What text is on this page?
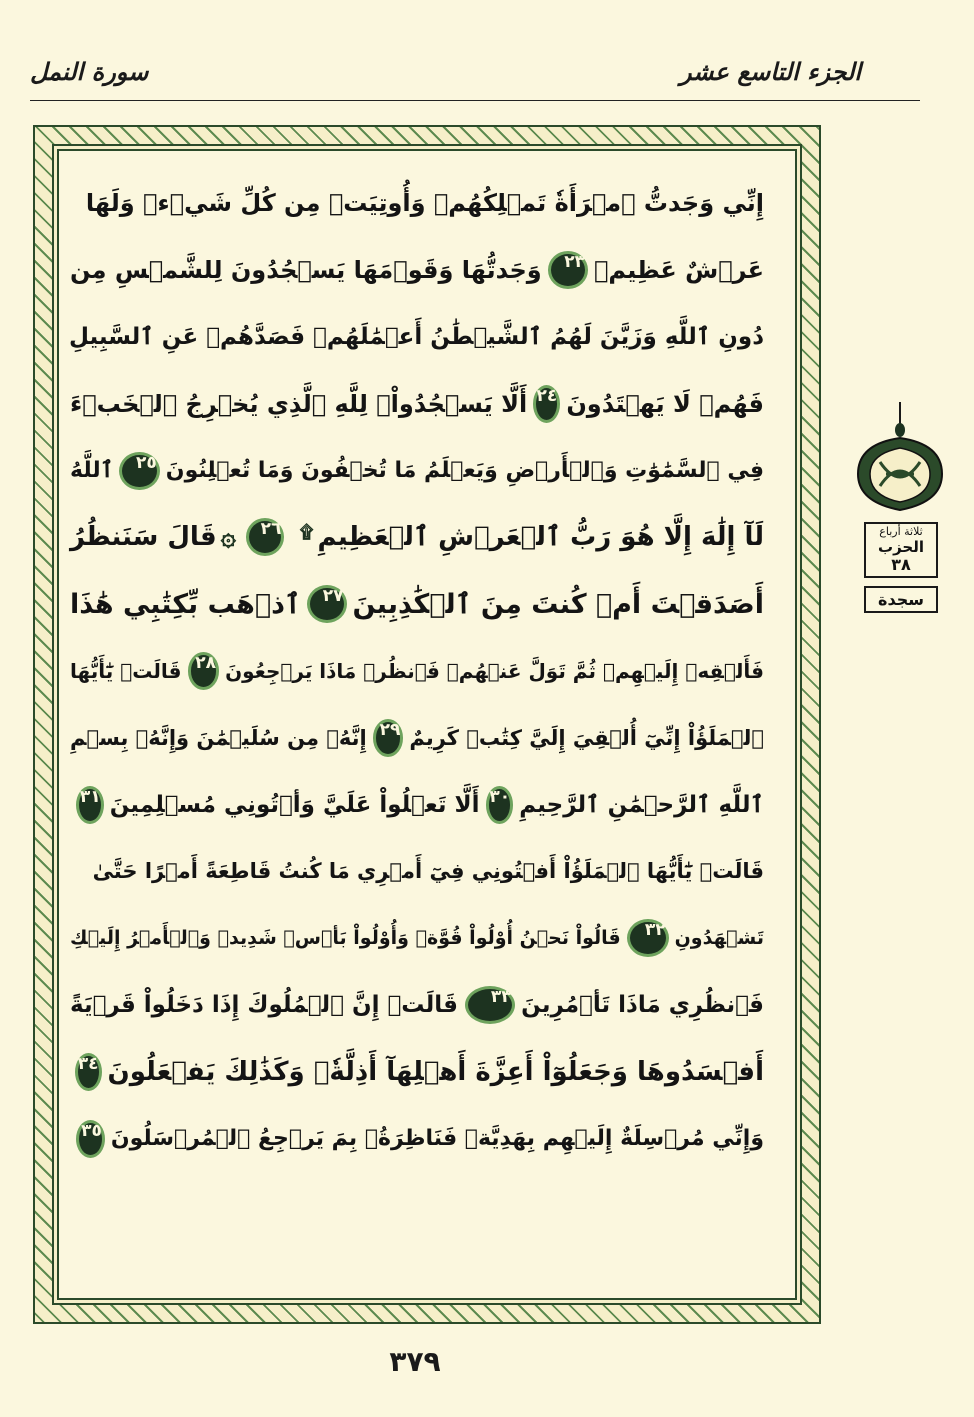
الجزء التاسع عشر
سورة النمل
إِنِّي وَجَدتُّ ٱمۡرَأَةٗ تَمۡلِكُهُمۡ وَأُوتِيَتۡ مِن كُلِّ شَيۡءٖ وَلَهَا
عَرۡشٌ عَظِيمٞ
٢٣
وَجَدتُّهَا وَقَوۡمَهَا يَسۡجُدُونَ لِلشَّمۡسِ مِن
دُونِ ٱللَّهِ وَزَيَّنَ لَهُمُ ٱلشَّيۡطَٰنُ أَعۡمَٰلَهُمۡ فَصَدَّهُمۡ عَنِ ٱلسَّبِيلِ
فَهُمۡ لَا يَهۡتَدُونَ
٢٤
أَلَّا يَسۡجُدُواْۤ لِلَّهِ ٱلَّذِي يُخۡرِجُ ٱلۡخَبۡءَ
فِي ٱلسَّمَٰوَٰتِ وَٱلۡأَرۡضِ وَيَعۡلَمُ مَا تُخۡفُونَ وَمَا تُعۡلِنُونَ
٢٥
ٱللَّهُ
لَآ إِلَٰهَ إِلَّا هُوَ رَبُّ ٱلۡعَرۡشِ ٱلۡعَظِيمِ
۩
٢٦
۞
قَالَ سَنَنظُرُ
أَصَدَقۡتَ أَمۡ كُنتَ مِنَ ٱلۡكَٰذِبِينَ
٢٧
ٱذۡهَب بِّكِتَٰبِي هَٰذَا
فَأَلۡقِهۡ إِلَيۡهِمۡ ثُمَّ تَوَلَّ عَنۡهُمۡ فَٱنظُرۡ مَاذَا يَرۡجِعُونَ
٢٨
قَالَتۡ يَٰٓأَيُّهَا
ٱلۡمَلَؤُاْ إِنِّيٓ أُلۡقِيَ إِلَيَّ كِتَٰبٞ كَرِيمٌ
٢٩
إِنَّهُۥ مِن سُلَيۡمَٰنَ وَإِنَّهُۥ بِسۡمِ
ٱللَّهِ ٱلرَّحۡمَٰنِ ٱلرَّحِيمِ
٣٠
أَلَّا تَعۡلُواْ عَلَيَّ وَأۡتُونِي مُسۡلِمِينَ
٣١
قَالَتۡ يَٰٓأَيُّهَا ٱلۡمَلَؤُاْ أَفۡتُونِي فِيٓ أَمۡرِي مَا كُنتُ قَاطِعَةً أَمۡرًا حَتَّىٰ
تَشۡهَدُونِ
٣٢
قَالُواْ نَحۡنُ أُوْلُواْ قُوَّةٖ وَأُوْلُواْ بَأۡسٖ شَدِيدٖ وَٱلۡأَمۡرُ إِلَيۡكِ
فَٱنظُرِي مَاذَا تَأۡمُرِينَ
٣٣
قَالَتۡ إِنَّ ٱلۡمُلُوكَ إِذَا دَخَلُواْ قَرۡيَةً
أَفۡسَدُوهَا وَجَعَلُوٓاْ أَعِزَّةَ أَهۡلِهَآ أَذِلَّةٗۚ وَكَذَٰلِكَ يَفۡعَلُونَ
٣٤
وَإِنِّي مُرۡسِلَةٌ إِلَيۡهِم بِهَدِيَّةٖ فَنَاظِرَةُۢ بِمَ يَرۡجِعُ ٱلۡمُرۡسَلُونَ
٣٥
ثلاثة أرباع
الحزب
٣٨
سجدة
٣٧٩
